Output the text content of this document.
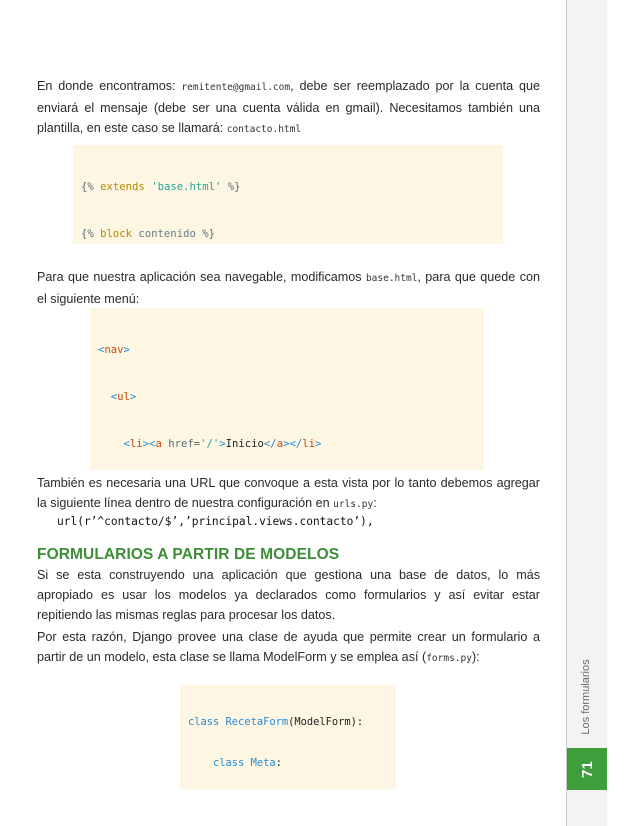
Los formularios
71

En donde encontramos: remitente@gmail.com, debe ser reemplazado por la cuenta que enviará el mensaje (debe ser una cuenta válida en gmail). Necesitamos también una plantilla, en este caso se llamará: contacto.html

{% extends 'base.html' %}

{% block contenido %}

Para que nuestra aplicación sea navegable, modificamos base.html, para que quede con el siguiente menú:

<nav>

<ul>

<li><a href='/'>Inicio</a></li>

También es necesaria una URL que convoque a esta vista por lo tanto debemos agregar la siguiente línea dentro de nuestra configuración en urls.py:

url(r’^contacto/$’,’principal.views.contacto’),

FORMULARIOS A PARTIR DE MODELOS

Si se esta construyendo una aplicación que gestiona una base de datos, lo más apropiado es usar los modelos ya declarados como formularios y así evitar estar repitiendo las mismas reglas para procesar los datos.

Por esta razón, Django provee una clase de ayuda que permite crear un formulario a partir de un modelo, esta clase se llama ModelForm y se emplea así (forms.py):

class RecetaForm(ModelForm):

class Meta:
